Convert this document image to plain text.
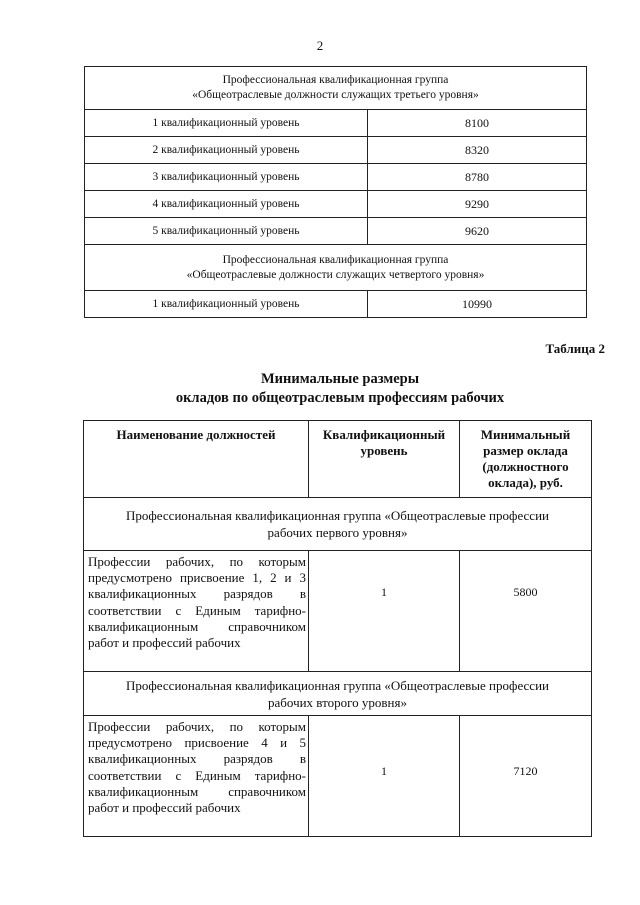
2
Профессиональная квалификационная группа
«Общеотраслевые должности служащих третьего уровня»	
1 квалификационный уровень	8100
2 квалификационный уровень	8320
3 квалификационный уровень	8780
4 квалификационный уровень	9290
5 квалификационный уровень	9620
Профессиональная квалификационная группа
«Общеотраслевые должности служащих четвертого уровня»	
1 квалификационный уровень	10990
Таблица 2
Минимальные размеры
окладов по общеотраслевым профессиям рабочих
Наименование должностей	Квалификационный уровень	Минимальный размер оклада (должностного оклада), руб.
Профессиональная квалификационная группа «Общеотраслевые профессии
рабочих первого уровня»		
Профессии рабочих, по которым предусмотрено присвоение 1, 2 и 3 квалификационных разрядов в соответствии с Единым тарифно-квалификационным справочником работ и профессий рабочих	1	5800
Профессиональная квалификационная группа «Общеотраслевые профессии
рабочих второго уровня»		
Профессии рабочих, по которым предусмотрено присвоение 4 и 5 квалификационных разрядов в соответствии с Единым тарифно-квалификационным справочником работ и профессий рабочих	1	7120
